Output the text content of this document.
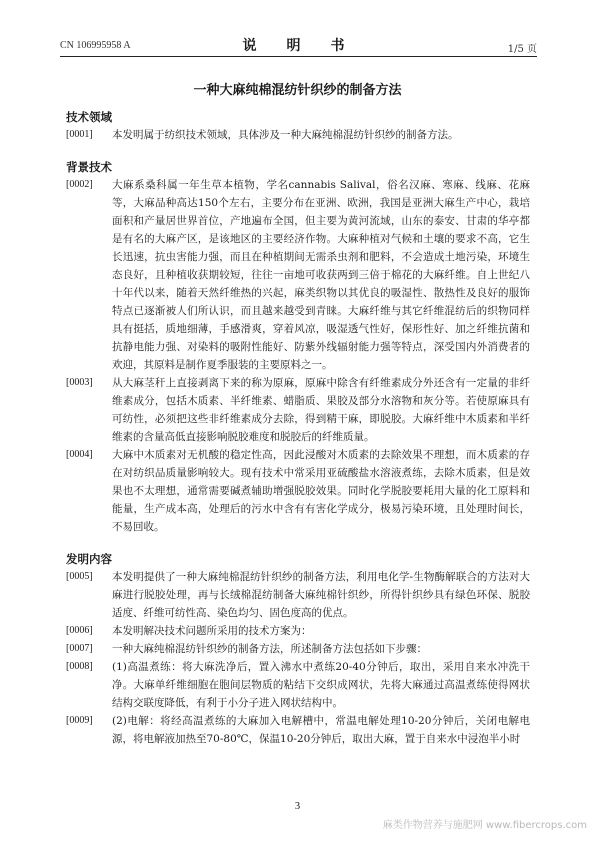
CN 106995958 A	说　明　书	1/5 页
一种大麻纯棉混纺针织纱的制备方法
技术领域
[0001]	本发明属于纺织技术领域，具体涉及一种大麻纯棉混纺针织纱的制备方法。
背景技术
[0002]	大麻系桑科属一年生草本植物，学名cannabis Salival，俗名汉麻、寒麻、线麻、花麻等，大麻品种高达150个左右，主要分布在亚洲、欧洲，我国是亚洲大麻生产中心，栽培面积和产量居世界首位，产地遍布全国，但主要为黄河流域，山东的泰安、甘肃的华亭都是有名的大麻产区，是该地区的主要经济作物。大麻种植对气候和土壤的要求不高，它生长迅速，抗虫害能力强，而且在种植期间无需杀虫剂和肥料，不会造成土地污染，环境生态良好，且种植收获期较短，往往一亩地可收获两到三倍于棉花的大麻纤维。自上世纪八十年代以来，随着天然纤维热的兴起，麻类织物以其优良的吸湿性、散热性及良好的服饰特点已逐渐被人们所认识，而且越来越受到青睐。大麻纤维与其它纤维混纺后的织物同样具有挺括，质地细薄，手感滑爽，穿着风凉，吸湿透气性好，保形性好、加之纤维抗菌和抗静电能力强、对染料的吸附性能好、防紫外线辐射能力强等特点，深受国内外消费者的欢迎，其原料是制作夏季服装的主要原料之一。
[0003]	从大麻茎秆上直接剥离下来的称为原麻，原麻中除含有纤维素成分外还含有一定量的非纤维素成分，包括木质素、半纤维素、蜡脂质、果胶及部分水溶物和灰分等。若使原麻具有可纺性，必须把这些非纤维素成分去除，得到精干麻，即脱胶。大麻纤维中木质素和半纤维素的含量高低直接影响脱胶难度和脱胶后的纤维质量。
[0004]	大麻中木质素对无机酸的稳定性高，因此浸酸对木质素的去除效果不理想，而木质素的存在对纺织品质量影响较大。现有技术中常采用亚硫酸盐水溶液煮练，去除木质素，但是效果也不太理想，通常需要碱煮辅助增强脱胶效果。同时化学脱胶要耗用大量的化工原料和能量，生产成本高，处理后的污水中含有有害化学成分，极易污染环境，且处理时间长，不易回收。
发明内容
[0005]	本发明提供了一种大麻纯棉混纺针织纱的制备方法，利用电化学-生物酶解联合的方法对大麻进行脱胶处理，再与长绒棉混纺制备大麻纯棉针织纱，所得针织纱具有绿色环保、脱胶适度、纤维可纺性高、染色均匀、固色度高的优点。
[0006]	本发明解决技术问题所采用的技术方案为：
[0007]	一种大麻纯棉混纺针织纱的制备方法，所述制备方法包括如下步骤：
[0008]	(1)高温煮练：将大麻洗净后，置入沸水中煮练20-40分钟后，取出，采用自来水冲洗干净。大麻单纤维细胞在胞间层物质的粘结下交织成网状，先将大麻通过高温煮练使得网状结构交联度降低，有利于小分子进入网状结构中。
[0009]	(2)电解：将经高温煮练的大麻加入电解槽中，常温电解处理10-20分钟后，关闭电解电源，将电解液加热至70-80℃，保温10-20分钟后，取出大麻，置于自来水中浸泡半小时
3
麻类作物营养与施肥网 www.fibercrops.com
